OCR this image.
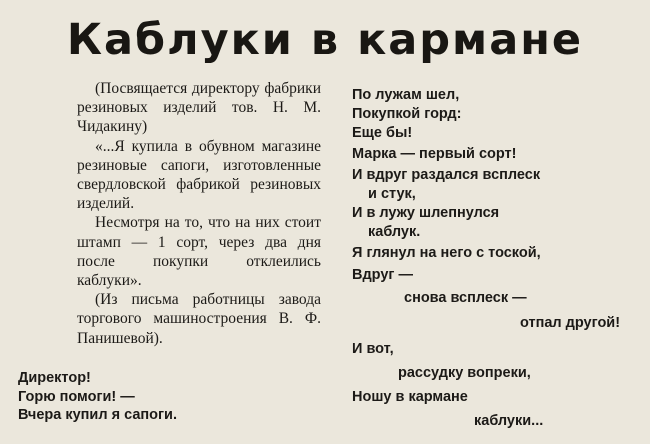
Каблуки в кармане

(Посвящается директору фабрики резиновых изделий тов. Н. М. Чидакину)

«...Я купила в обувном магазине резиновые сапоги, изготовленные свердловской фабрикой резиновых изделий.

Несмотря на то, что на них стоит штамп — 1 сорт, через два дня после покупки отклеились каблуки».

(Из письма работницы завода торгового машиностроения В. Ф. Панишевой).

Директор!
Горю помоги! —
Вчера купил я сапоги.
По лужам шел,
Покупкой горд:
Еще бы!
Марка — первый сорт!
И вдруг раздался всплеск
и стук,
И в лужу шлепнулся
каблук.
Я глянул на него с тоской,
Вдруг —
снова всплеск —
отпал другой!
И вот,
рассудку вопреки,
Ношу в кармане
каблуки...
